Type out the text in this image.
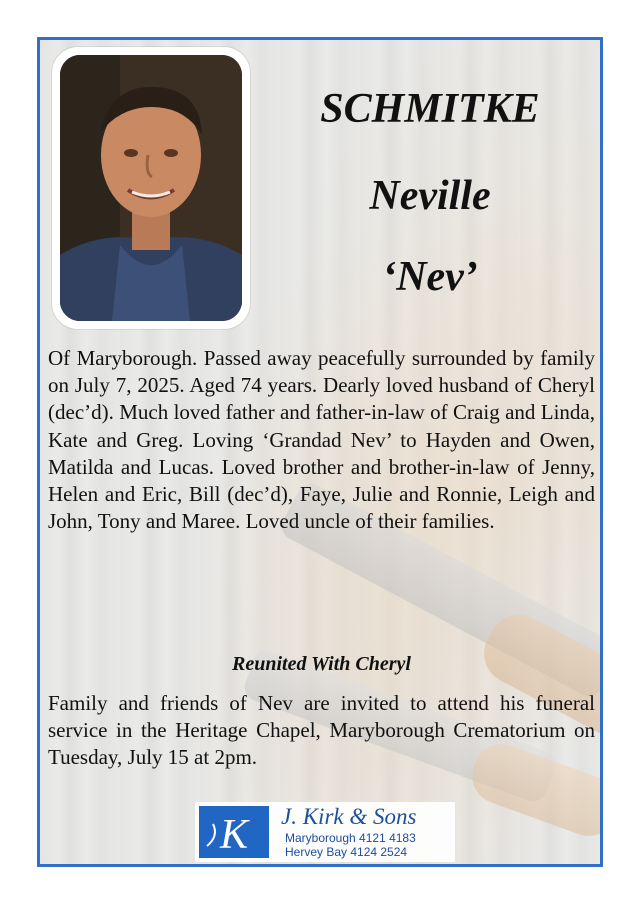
SCHMITKE
Neville
‘Nev’

Of Maryborough. Passed away peacefully surrounded by family on July 7, 2025. Aged 74 years. Dearly loved husband of Cheryl (dec’d). Much loved father and father-in-law of Craig and Linda, Kate and Greg. Loving ‘Grandad Nev’ to Hayden and Owen, Matilda and Lucas. Loved brother and brother-in-law of Jenny, Helen and Eric, Bill (dec’d), Faye, Julie and Ronnie, Leigh and John, Tony and Maree. Loved uncle of their families.

Reunited With Cheryl

Family and friends of Nev are invited to attend his funeral service in the Heritage Chapel, Maryborough Crematorium on Tuesday, July 15 at 2pm.

K J. Kirk & Sons
Maryborough 4121 4183
Hervey Bay 4124 2524
